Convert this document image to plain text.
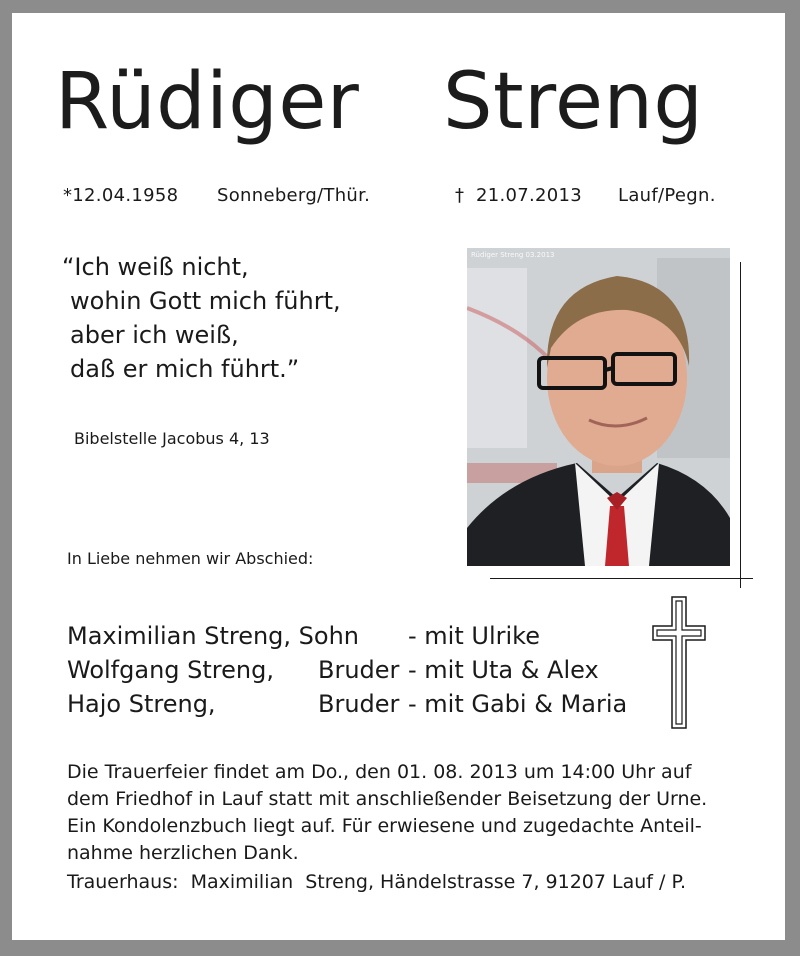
Rüdiger Streng
*12.04.1958 Sonneberg/Thür.	† 21.07.2013 Lauf/Pegn.
“Ich weiß nicht,
wohin Gott mich führt,
aber ich weiß,
daß er mich führt.”
Bibelstelle Jacobus 4, 13
Rüdiger Streng 03.2013
In Liebe nehmen wir Abschied:
Maximilian Streng, Sohn - mit Ulrike
Wolfgang Streng, Bruder - mit Uta & Alex
Hajo Streng,	Bruder - mit Gabi & Maria
Die Trauerfeier findet am Do., den 01. 08. 2013 um 14:00 Uhr auf
dem Friedhof in Lauf statt mit anschließender Beisetzung der Urne.
Ein Kondolenzbuch liegt auf. Für erwiesene und zugedachte Anteil-
nahme herzlichen Dank.
Trauerhaus:  Maximilian  Streng, Händelstrasse 7, 91207 Lauf / P.
